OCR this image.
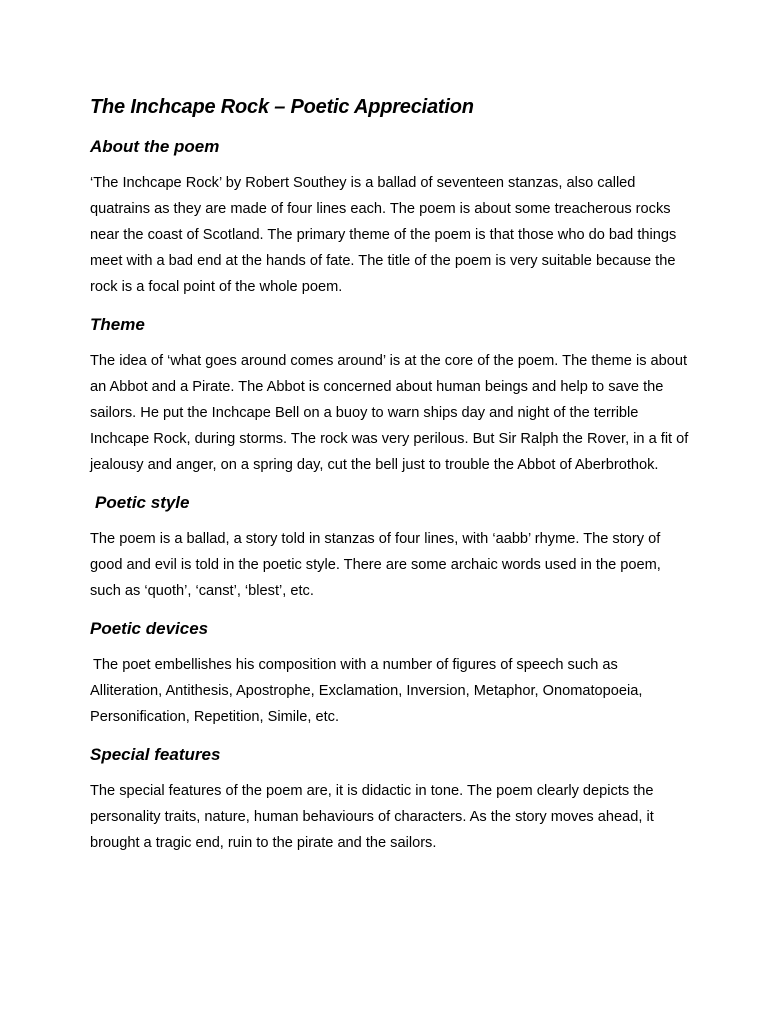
The Inchcape Rock – Poetic Appreciation
About the poem

‘The Inchcape Rock’ by Robert Southey is a ballad of seventeen stanzas, also called quatrains as they are made of four lines each. The poem is about some treacherous rocks near the coast of Scotland. The primary theme of the poem is that those who do bad things meet with a bad end at the hands of fate. The title of the poem is very suitable because the rock is a focal point of the whole poem.

Theme

The idea of ‘what goes around comes around’ is at the core of the poem. The theme is about an Abbot and a Pirate. The Abbot is concerned about human beings and help to save the sailors. He put the Inchcape Bell on a buoy to warn ships day and night of the terrible Inchcape Rock, during storms. The rock was very perilous. But Sir Ralph the Rover, in a fit of jealousy and anger, on a spring day, cut the bell just to trouble the Abbot of Aberbrothok.

Poetic style

The poem is a ballad, a story told in stanzas of four lines, with ‘aabb’ rhyme. The story of good and evil is told in the poetic style. There are some archaic words used in the poem, such as ‘quoth’, ‘canst’, ‘blest’, etc.

Poetic devices

The poet embellishes his composition with a number of figures of speech such as Alliteration, Antithesis, Apostrophe, Exclamation, Inversion, Metaphor, Onomatopoeia, Personification, Repetition, Simile, etc.

Special features

The special features of the poem are, it is didactic in tone. The poem clearly depicts the personality traits, nature, human behaviours of characters. As the story moves ahead, it brought a tragic end, ruin to the pirate and the sailors.
